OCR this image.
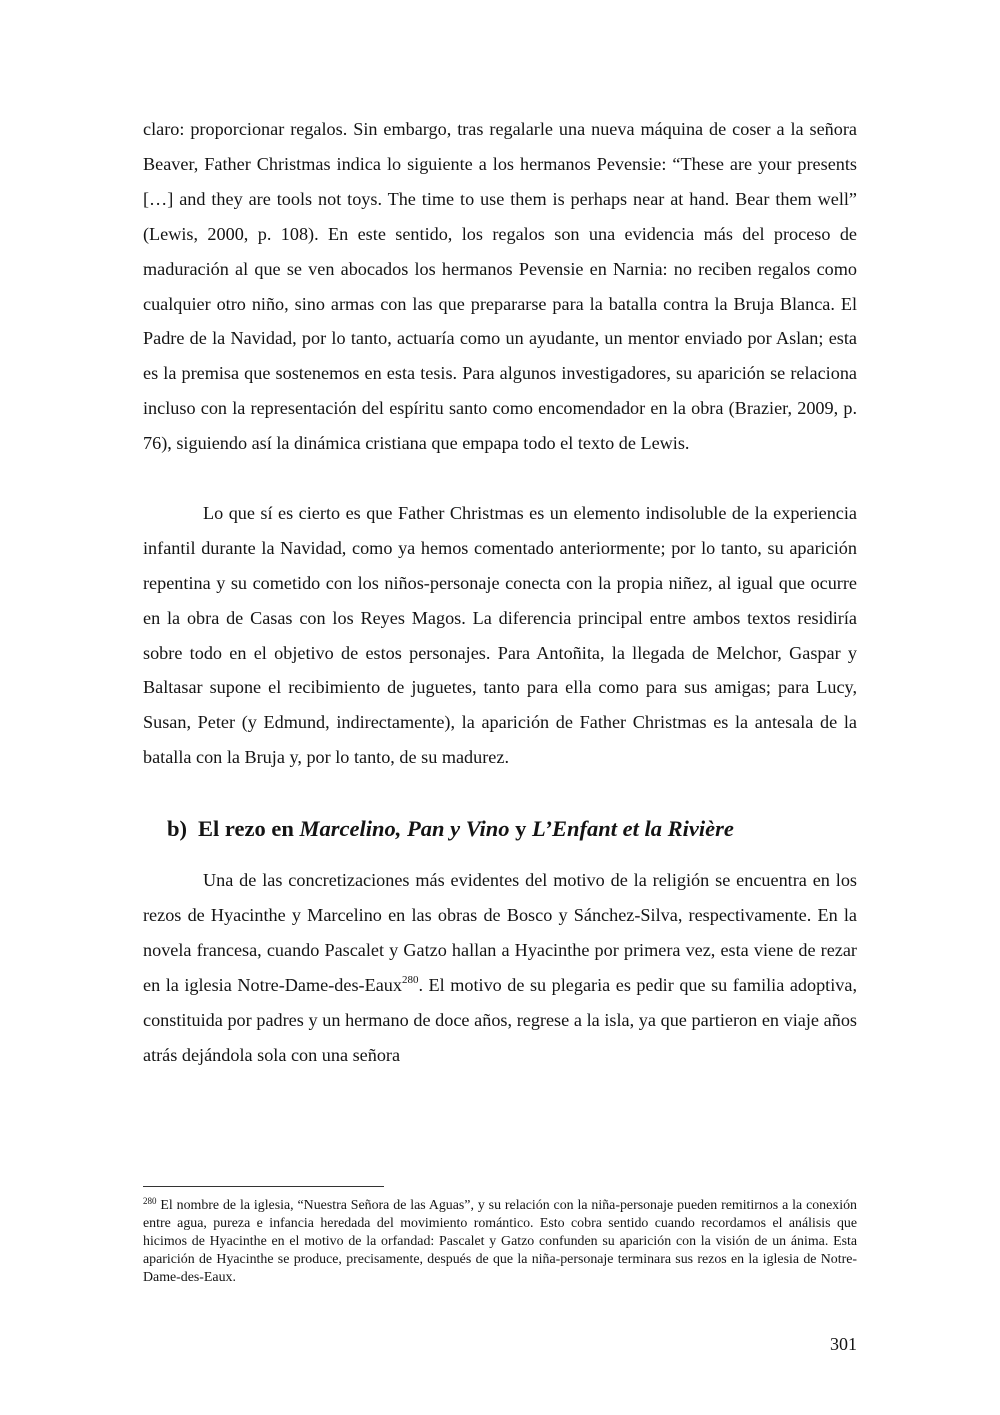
claro: proporcionar regalos. Sin embargo, tras regalarle una nueva máquina de coser a la señora Beaver, Father Christmas indica lo siguiente a los hermanos Pevensie: “These are your presents […] and they are tools not toys. The time to use them is perhaps near at hand. Bear them well” (Lewis, 2000, p. 108). En este sentido, los regalos son una evidencia más del proceso de maduración al que se ven abocados los hermanos Pevensie en Narnia: no reciben regalos como cualquier otro niño, sino armas con las que prepararse para la batalla contra la Bruja Blanca. El Padre de la Navidad, por lo tanto, actuaría como un ayudante, un mentor enviado por Aslan; esta es la premisa que sostenemos en esta tesis. Para algunos investigadores, su aparición se relaciona incluso con la representación del espíritu santo como encomendador en la obra (Brazier, 2009, p. 76), siguiendo así la dinámica cristiana que empapa todo el texto de Lewis.

Lo que sí es cierto es que Father Christmas es un elemento indisoluble de la experiencia infantil durante la Navidad, como ya hemos comentado anteriormente; por lo tanto, su aparición repentina y su cometido con los niños-personaje conecta con la propia niñez, al igual que ocurre en la obra de Casas con los Reyes Magos. La diferencia principal entre ambos textos residiría sobre todo en el objetivo de estos personajes. Para Antoñita, la llegada de Melchor, Gaspar y Baltasar supone el recibimiento de juguetes, tanto para ella como para sus amigas; para Lucy, Susan, Peter (y Edmund, indirectamente), la aparición de Father Christmas es la antesala de la batalla con la Bruja y, por lo tanto, de su madurez.

b) El rezo en Marcelino, Pan y Vino y L’Enfant et la Rivière

Una de las concretizaciones más evidentes del motivo de la religión se encuentra en los rezos de Hyacinthe y Marcelino en las obras de Bosco y Sánchez-Silva, respectivamente. En la novela francesa, cuando Pascalet y Gatzo hallan a Hyacinthe por primera vez, esta viene de rezar en la iglesia Notre-Dame-des-Eaux$^{280}$. El motivo de su plegaria es pedir que su familia adoptiva, constituida por padres y un hermano de doce años, regrese a la isla, ya que partieron en viaje años atrás dejándola sola con una señora

$^{280}$ El nombre de la iglesia, “Nuestra Señora de las Aguas”, y su relación con la niña-personaje pueden remitirnos a la conexión entre agua, pureza e infancia heredada del movimiento romántico. Esto cobra sentido cuando recordamos el análisis que hicimos de Hyacinthe en el motivo de la orfandad: Pascalet y Gatzo confunden su aparición con la visión de un ánima. Esta aparición de Hyacinthe se produce, precisamente, después de que la niña-personaje terminara sus rezos en la iglesia de Notre-Dame-des-Eaux.

301
